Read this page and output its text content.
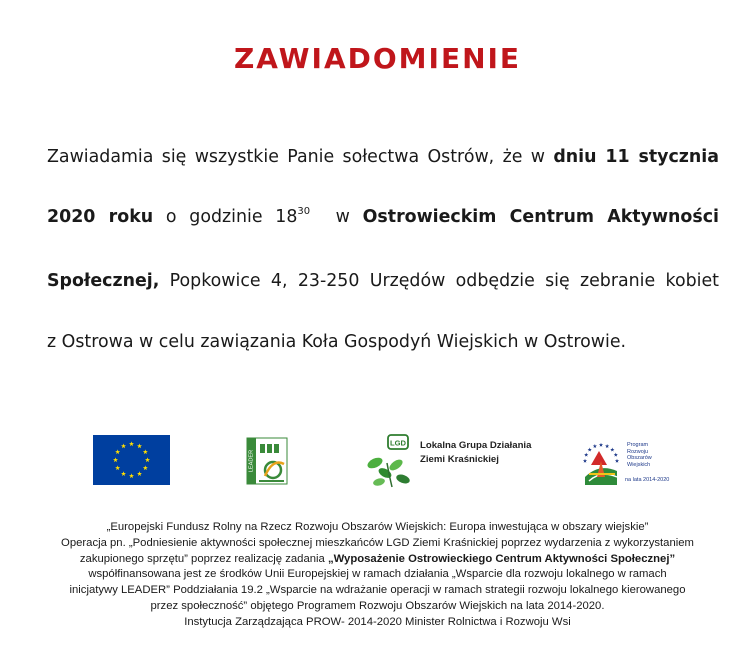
ZAWIADOMIENIE
Zawiadamia się wszystkie Panie sołectwa Ostrów, że w dniu 11 stycznia
2020 roku o godzinie $18^{30}$  w Ostrowieckim Centrum Aktywności
Społecznej, Popkowice 4, 23-250 Urzędów odbędzie się zebranie kobiet
z Ostrowa w celu zawiązania Koła Gospodyń Wiejskich w Ostrowie.
LEADER
LGD Lokalna Grupa Działania
Ziemi Kraśnickiej
Program
Rozwoju
Obszarów
Wiejskich
na lata 2014-2020
„Europejski Fundusz Rolny na Rzecz Rozwoju Obszarów Wiejskich: Europa inwestująca w obszary wiejskie”
Operacja pn. „Podniesienie aktywności społecznej mieszkańców LGD Ziemi Kraśnickiej poprzez wydarzenia z wykorzystaniem
zakupionego sprzętu” poprzez realizację zadania „Wyposażenie Ostrowieckiego Centrum Aktywności Społecznej”
współfinansowana jest ze środków Unii Europejskiej w ramach działania „Wsparcie dla rozwoju lokalnego w ramach
inicjatywy LEADER” Poddziałania 19.2 „Wsparcie na wdrażanie operacji w ramach strategii rozwoju lokalnego kierowanego
przez społeczność” objętego Programem Rozwoju Obszarów Wiejskich na lata 2014-2020.
Instytucja Zarządzająca PROW- 2014-2020 Minister Rolnictwa i Rozwoju Wsi
